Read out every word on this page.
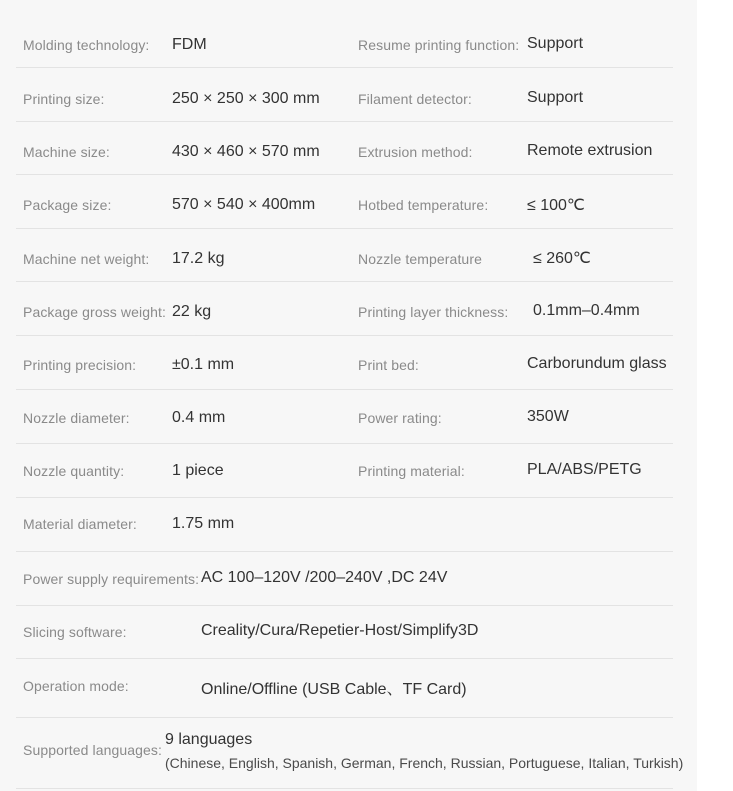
Molding technology: FDM	Resume printing function: Support
Printing size:	250 × 250 × 300 mm	Filament detector:	Support
Machine size:	430 × 460 × 570 mm	Extrusion method:	Remote extrusion
Package size:	570 × 540 × 400mm	Hotbed temperature: ≤ 100℃
Machine net weight: 17.2 kg	Nozzle temperature	≤ 260℃
Package gross weight: 22 kg	Printing layer thickness: 0.1mm–0.4mm
Printing precision: ±0.1 mm	Print bed:	Carborundum glass
Nozzle diameter:	0.4 mm	Power rating:	350W
Nozzle quantity:	1 piece	Printing material:	PLA/ABS/PETG
Material diameter: 1.75 mm
Power supply requirements: AC 100–120V /200–240V ,DC 24V
Slicing software:	Creality/Cura/Repetier-Host/Simplify3D
Operation mode:	Online/Offline (USB Cable、TF Card)
Supported languages:
9 languages
(Chinese, English, Spanish, German, French, Russian, Portuguese, Italian, Turkish)
